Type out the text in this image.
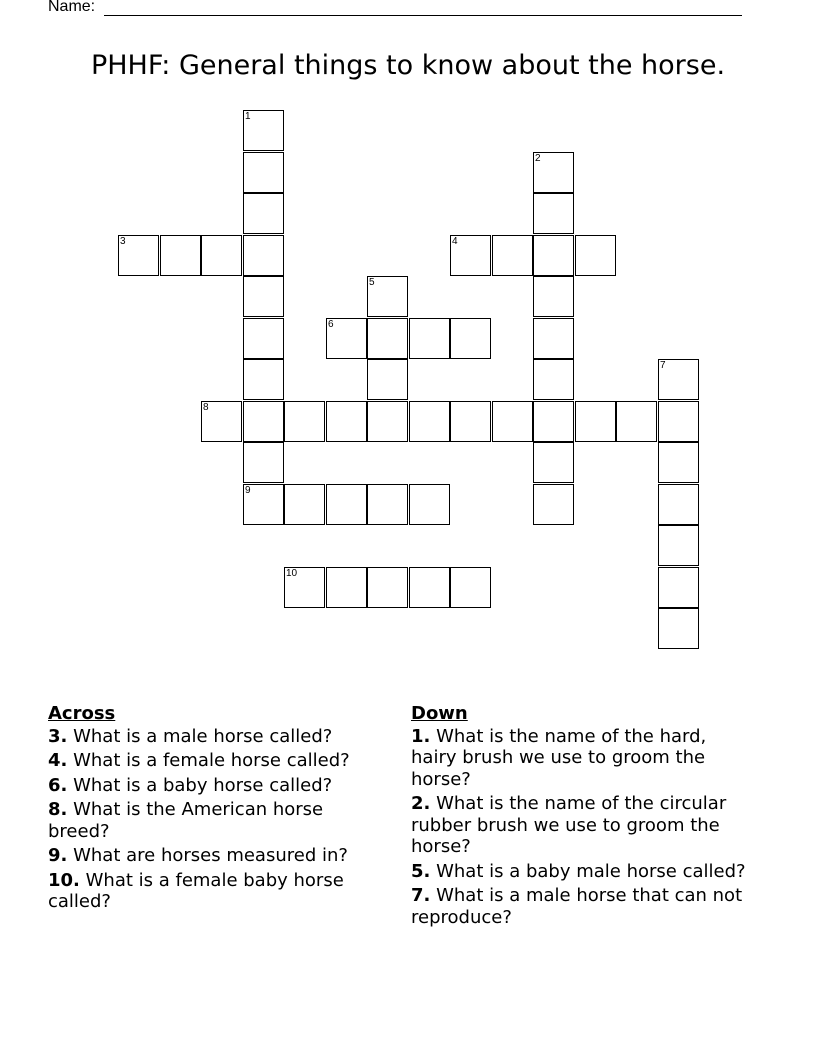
Name:
PHHF: General things to know about the horse.
1
2
3	4
5
6
7
8
9
10
Across
3. What is a male horse called?
4. What is a female horse called?
6. What is a baby horse called?
8. What is the American horse breed?
9. What are horses measured in?
10. What is a female baby horse called?
Down
1. What is the name of the hard, hairy brush we use to groom the horse?
2. What is the name of the circular rubber brush we use to groom the horse?
5. What is a baby male horse called?
7. What is a male horse that can not reproduce?
